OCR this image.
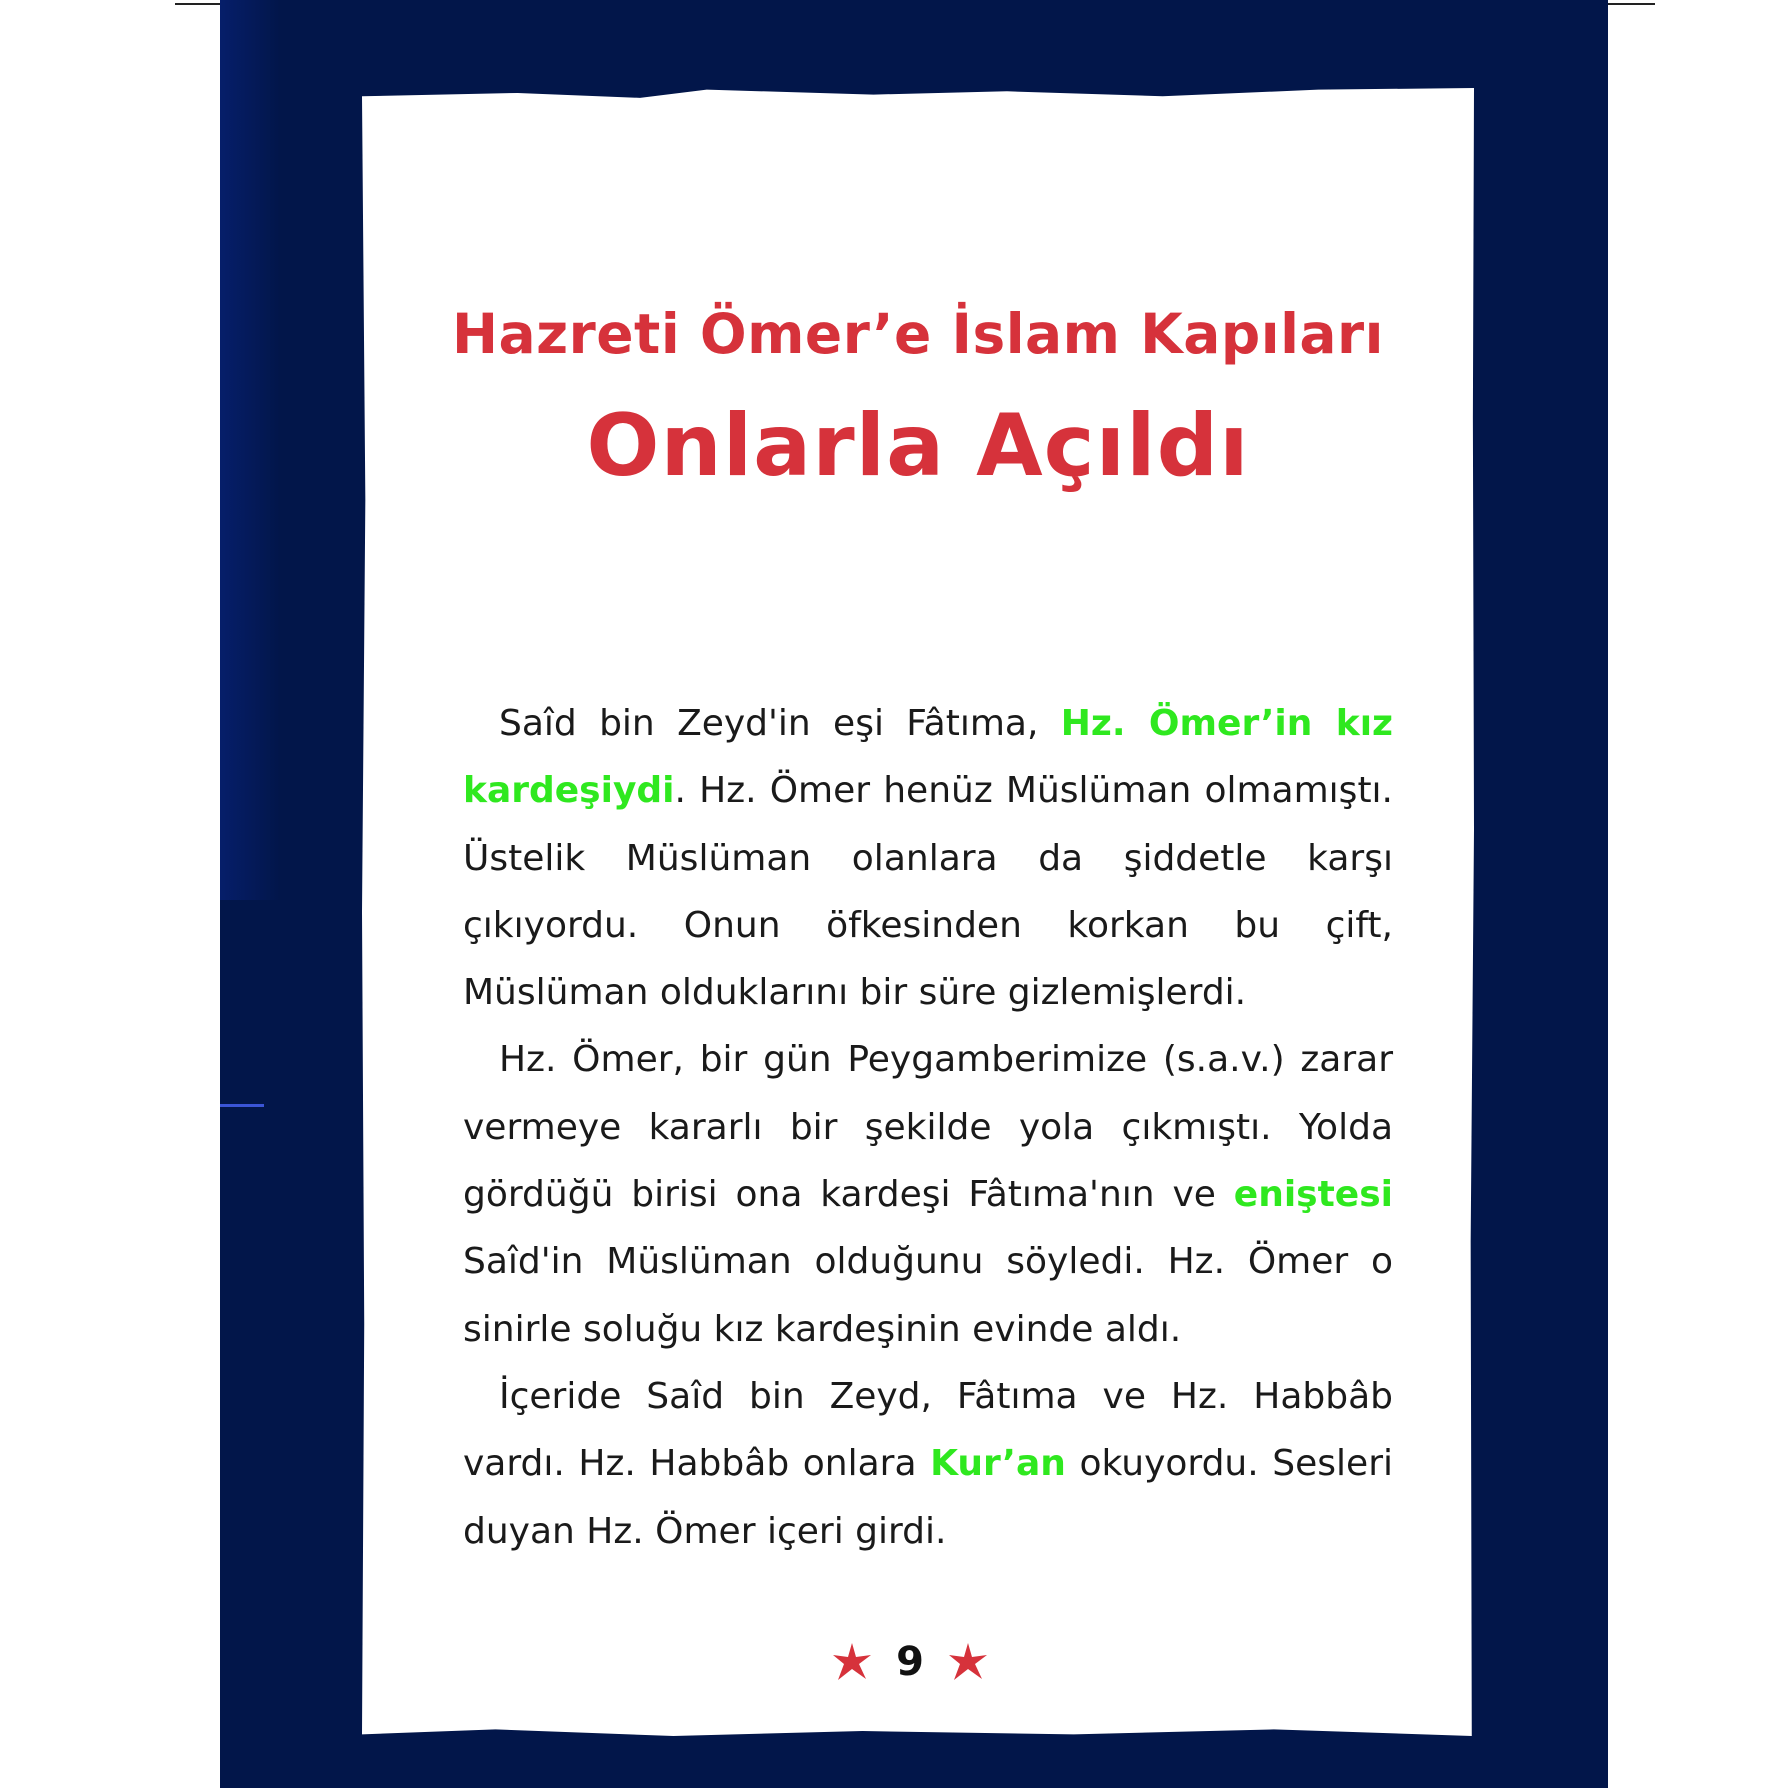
Hazreti Ömer’e İslam Kapıları
Onlarla Açıldı

Saîd bin Zeyd'in eşi Fâtıma, Hz. Ömer’in kız kardeşiydi. Hz. Ömer henüz Müslüman olmamıştı. Üstelik Müslüman olanlara da şiddetle karşı çıkıyordu. Onun öfkesinden korkan bu çift, Müslüman olduklarını bir süre gizlemişlerdi.

Hz. Ömer, bir gün Peygamberimize (s.a.v.) zarar vermeye kararlı bir şekilde yola çıkmıştı. Yolda gördüğü birisi ona kardeşi Fâtıma'nın ve eniştesi Saîd'in Müslüman olduğunu söyledi. Hz. Ömer o sinirle soluğu kız kardeşinin evinde aldı.

İçeride Saîd bin Zeyd, Fâtıma ve Hz. Habbâb vardı. Hz. Habbâb onlara Kur’an okuyordu. Sesleri duyan Hz. Ömer içeri girdi.

9
